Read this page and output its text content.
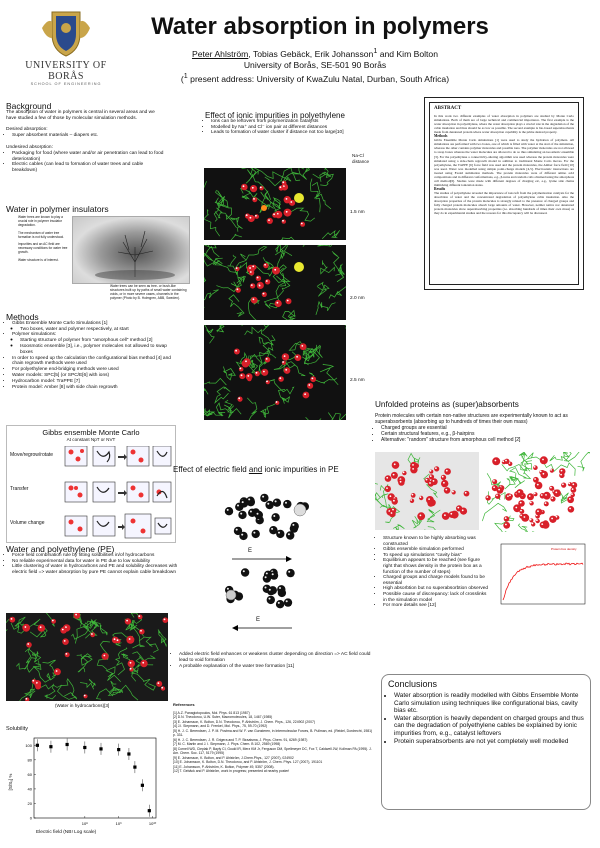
UNIVERSITY OF BORÅS
SCHOOL OF ENGINEERING
Water absorption in polymers
Peter Ahlström, Tobias Gebäck, Erik Johansson$^1$ and Kim Bolton
University of Borås, SE-501 90 Borås
($^1$ present address: University of KwaZulu Natal, Durban, South Africa)
Background
The absorption of water in polymers is central in several areas and we have studied a few of those by molecular simulation methods.
Desired absorption:
• Super absorbent materials – diapers etc.
Undesired absorption:
• Packaging for food (where water and/or air penetration can lead to food deterioration)
• Electric cables (can lead to formation of water trees and cable breakdown)
Water in polymer insulators
Water trees are known to play a crucial role in polymer insulator degradation.

The mechanism of water tree formation is not fully understood.

Impurities and an AC field are necessary conditions for water tree growth.

Water structure is of interest.
Water trees can be seen as tree- or bush-like structures built up by paths of small water containing voids, or in more severe cases, channels in the polymer (Photo by B. Holmgren, ABB, Sweden).
Methods
• Gibbs Ensemble Monte Carlo Simulations [1]
◦ Two boxes, water and polymer respectively, at start
• Polymer simulations:
◦ Starting structure of polymer from "amorphous cell" method [2]
◦ Isoosmotic ensemble [3], i.e., polymer molecules not allowed to swap boxes
• In order to speed up the calculation the configurational bias method [4] and chain regrowth methods were used
• For polyethylene end-bridging methods were used
• Water models: SPC[5] (or SPC/E[6] with ions)
• Hydrocarbon model: TraPPE [7]
• Protein model: Amber [8] with side chain regrowth
Gibbs ensemble Monte Carlo
At constant NpT or NVT
Move/regrow/rotate
Transfer
Volume change
Water and polyethylene (PE)
• Force field combination rule by fitting solubilities in/of hydrocarbons
• No reliable experimental data for water in PE due to low solubility
• Little clustering of water in hydrocarbons and PE and solubility decreases with electric field => water absorption by pure PE cannot explain cable breakdown
(Water in hydrocarbons)[3]
Solubility
[S/S₀] %
0
20
40
60
80
100
10⁸	10⁹	10¹⁰
Electric field (NB! Log scale)
Effect of ionic impurities in polyethylene
• Ions can be leftovers from polymerization catalysts
• Modelled by Na⁺ and Cl⁻ ion pair at different distances
• Leads to formation of water cluster if distance not too large[10]
Na-Cl distance
1.5 nm
2.0 nm
2.5 nm
Effect of electric field and ionic impurities in PE
E
E
• Added electric field enhances or weakens cluster depending on direction => AC field could lead to void formation
• A probable explanation of the water tree formation [11]
References
[1] A.Z. Panagiotopoulos, Mol. Phys. 61 813 (1987)
[2] D.N. Theodorou, U.W. Suter, Macromolecules, 18, 1467 (1985)
[3] E. Johansson, K. Bolton, D.N. Theodorou, P. Ahlström, J. Chem. Phys., 126, 224902 (2007)
[4] J.I. Siepmann, and D. Frenkel, Mol. Phys., 75, 59-70 (1992)
[5] H. J. C. Berendsen, J. P. M. Postma and W. F. van Gunsteren, in Intermolecular Forces, B. Pullman, ed. (Reidel, Dordrecht, 1981) p. 331.
[6] H. J. C. Berendsen, J. R. Grigera and T. P. Straatsma, J. Phys. Chem. 91, 6269 (1987)
[7] M. C. Martin and J. I. Siepmann, J. Phys. Chem. B 102, 2569 (1998)
[8] Cornell WD, Cieplak P, Bayly CI, Gould IR, Merz KM Jr, Ferguson DM, Spellmeyer DC, Fox T, Caldwell JW, Kollman PA (1995). J. Am. Chem. Soc. 117, 5179 (1995)
[9] E. Johansson, K. Bolton, and P. Ahlström, J.Chem.Phys., 127 (2007), 024902
[10] E. Johansson, K. Bolton, D.N. Theodorou, and P. Ahlström, J. Chem. Phys. 127 (2007), 191101
[11] E. Johansson, P. Ahlström, K. Bolton, Polymer 49, 5357 (2008).
[12] T. Gebäck and P. Ahlström, work in progress; presented at nearby poster!
ABSTRACT
In this work two different examples of water absorption in polymers are studied by Monte Carlo simulations. Both of them are of large technical and commercial importance. The first example is the water absorption in polyethylene, where the water absorption plays a crucial role in the degradation of the cable insulation and thus should be as low as possible. The second example is bio-based superabsorbents made from denatured protein where water absorption capability is the prime desired property.
Methods
Gibbs Ensemble Monte Carlo simulations [1] were used to study the hydration of polymers. All simulations are performed with two boxes, one of which is filled with water at the start of the simulation, whereas the other contains polymer molecules and possible ions. The polymer molecules are not allowed to swap boxes whereas the water molecules are allowed to do so thus simulating an isoosmotic ensemble [3]. For the polyethylene a connectivity-altering algorithm was used whereas the protein molecules were simulated using a side-chain regrowth model in addition to traditional Monte Carlo moves. For the polyethylene, the TraPPE [6] force field was used and the protein molecules, the Amber force field [10] was used. Water was modelled using simple point-charge models [4,5]. Electrostatic interactions are treated using Ewald summation methods. The protein molecules were of different amino acid compositions and in different conformations, e.g., β-turns and random coils obtained using the amorphous cell method[6]. Studies were made with different degrees of charging etc, e.g., lysine side chains mimicking different ionization states.
Results
The studies of polyethylene revealed the importance of ions left from the polymerization catalysts for the absorbtion of water and the concentrated degradation of polyethylene cable insulation. Also the absorption properties of the protein molecules is strongly related to the presence of charged groups and fully charged protein molecules absorb large amounts of water. However, neither native nor denatured protein molecules show superabsorbing properties (i.e. absorbing hundreds of times their own mass) as they do in experimental studies and the reasons for this discrepancy will be discussed.
Unfolded proteins as (super)absorbents
Protein molecules with certain non-native structures are experimentally known to act as superabsorbents (absorbing up to hundreds of times their own mass)
• Charged groups are essential
• Certain structural features, e.g., β-hairpins
• Alternative: "random" structure from amorphous cell method [2]
• Structure known to be highly absorbing was constructed
• Gibbs ensemble simulation performed
• To speed up simulations "cavity bias"
• Equilibrium appears to be reached (see figure right that shows density in the protein box as a function of the number of steps)
• Charged groups and charge models found to be essential
• High absorbtion but no superabsorbtion observed
• Possible cause of discrepancy: lack of crosslinks in the simulation model
• For more details see [12]
Protein box density
Conclusions
• Water absorption is readily modelled with Gibbs Ensemble Monte Carlo simulation using techniques like configurational bias, cavity bias etc.
• Water absorption is heavily dependent on charged groups and thus can the degradation of polyethylene cables be explained by ionic impurities from, e.g., catalyst leftovers
• Protein superabsorbents are not yet completely well modelled
